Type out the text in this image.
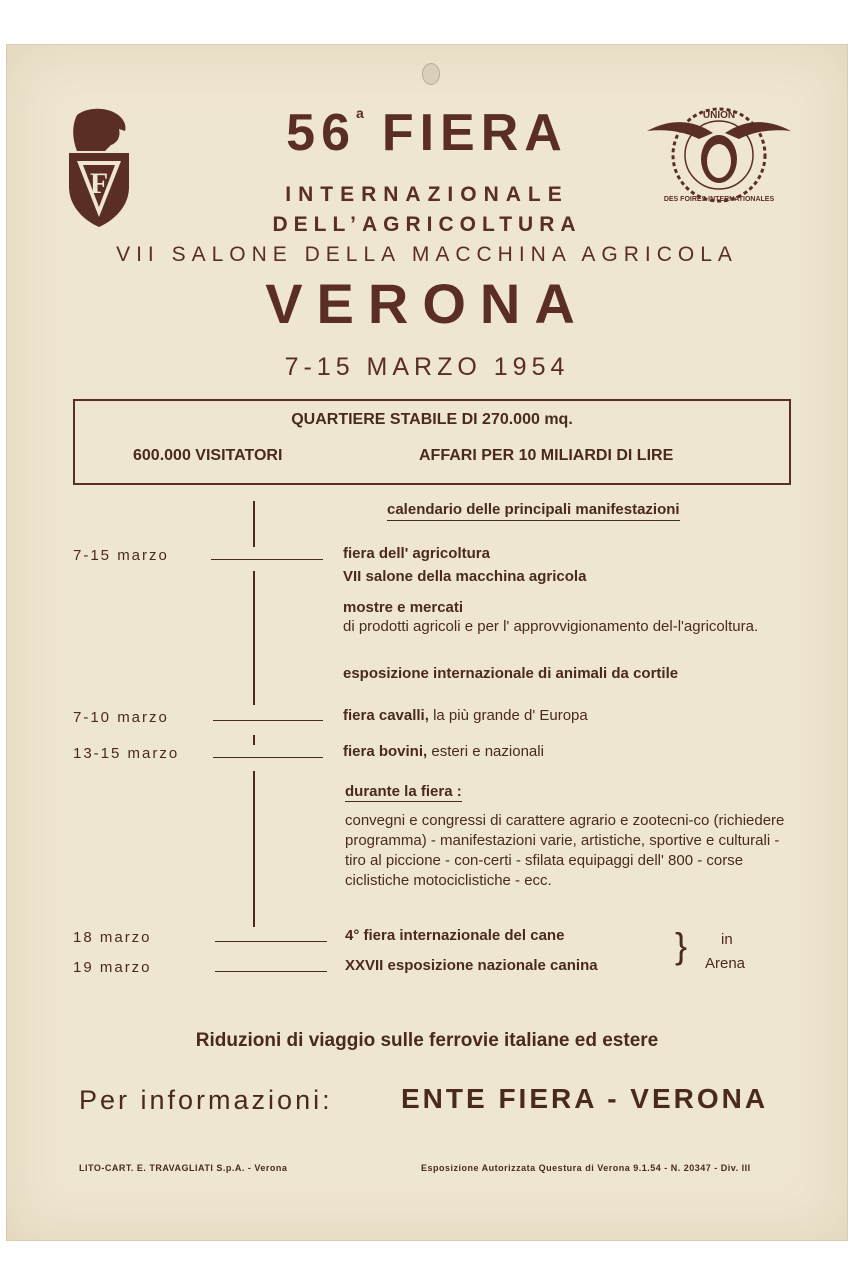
F
UNION
DES FOIRES INTERNATIONALES
56$^a$ FIERA
INTERNAZIONALE
DELL’AGRICOLTURA
VII SALONE DELLA MACCHINA AGRICOLA
VERONA
7-15 MARZO 1954
QUARTIERE STABILE DI 270.000 mq.
600.000 VISITATORI	AFFARI PER 10 MILIARDI DI LIRE
calendario delle principali manifestazioni
7-15 marzo	fiera dell' agricoltura
VII salone della macchina agricola
mostre e mercati
di prodotti agricoli e per l' approvvigionamento del-l'agricoltura.
esposizione internazionale di animali da cortile
7-10 marzo	fiera cavalli, la più grande d' Europa
13-15 marzo	fiera bovini, esteri e nazionali
durante la fiera :
convegni e congressi di carattere agrario e zootecni-co (richiedere programma) - manifestazioni varie, artistiche, sportive e culturali - tiro al piccione - con-certi - sfilata equipaggi dell' 800 - corse ciclistiche motociclistiche - ecc.
18 marzo	4° fiera internazionale del cane
19 marzo	XXVII esposizione nazionale canina } in
Arena
Riduzioni di viaggio sulle ferrovie italiane ed estere
Per informazioni: ENTE FIERA - VERONA
LITO-CART. E. TRAVAGLIATI S.p.A. - Verona	Esposizione Autorizzata Questura di Verona 9.1.54 - N. 20347 - Div. III
